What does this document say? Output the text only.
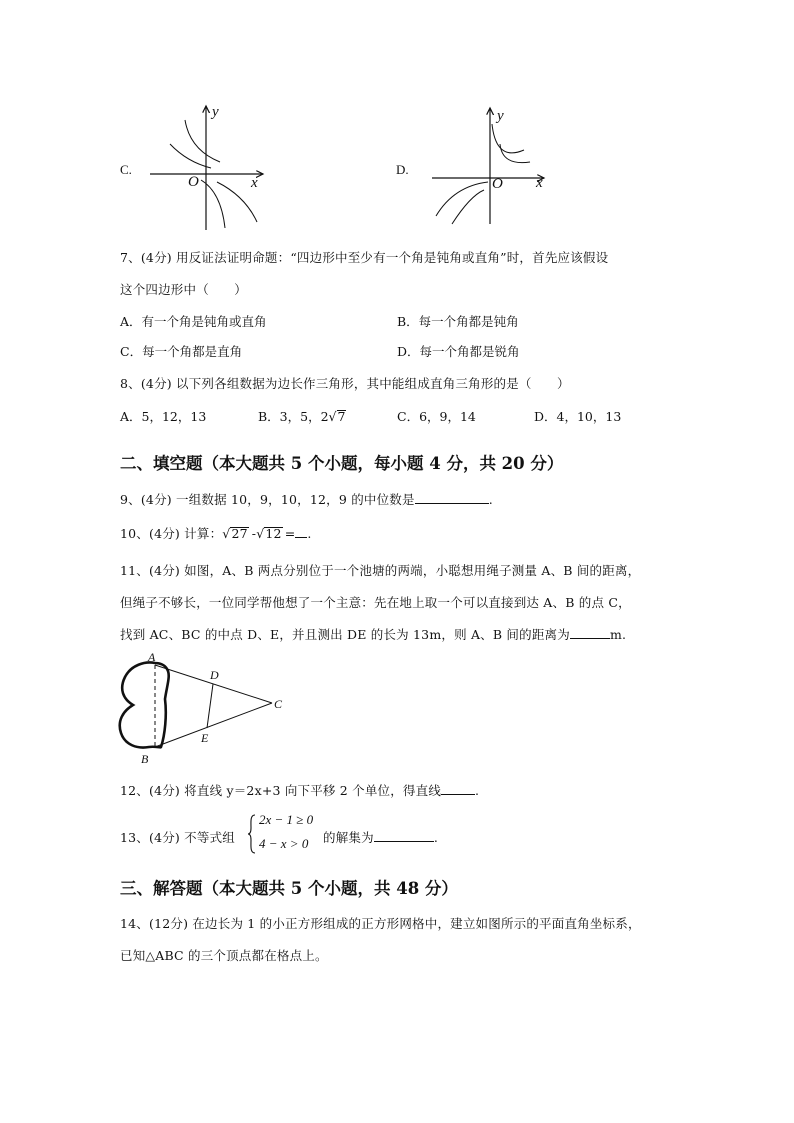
C.
y
x
O
D.
y
x
O
7、(4分) 用反证法证明命题：“四边形中至少有一个角是钝角或直角”时，首先应该假设
这个四边形中（　　）
A．有一个角是钝角或直角	B．每一个角都是钝角
C．每一个角都是直角	D．每一个角都是锐角
8、(4分) 以下列各组数据为边长作三角形，其中能组成直角三角形的是（　　）
A．5，12，13	B．3，5，2√7	C．6，9，14	D．4，10，13
二、填空题（本大题共 5 个小题，每小题 4 分，共 20 分）
9、(4分) 一组数据 10，9，10，12，9 的中位数是	.
10、(4分) 计算：√27 -√12 = .
11、(4分) 如图，A、B 两点分别位于一个池塘的两端，小聪想用绳子测量 A、B 间的距离，
但绳子不够长，一位同学帮他想了一个主意：先在地上取一个可以直接到达 A、B 的点 C，
找到 AC、BC 的中点 D、E，并且测出 DE 的长为 13m，则 A、B 间的距离为	m.
A
B
C
D
E
12、(4分) 将直线 y＝2x+3 向下平移 2 个单位，得直线	.
13、(4分) 不等式组
2x − 1 ≥ 0
4 − x > 0 的解集为	.
三、解答题（本大题共 5 个小题，共 48 分）
14、(12分) 在边长为 1 的小正方形组成的正方形网格中，建立如图所示的平面直角坐标系，
已知△ABC 的三个顶点都在格点上。
